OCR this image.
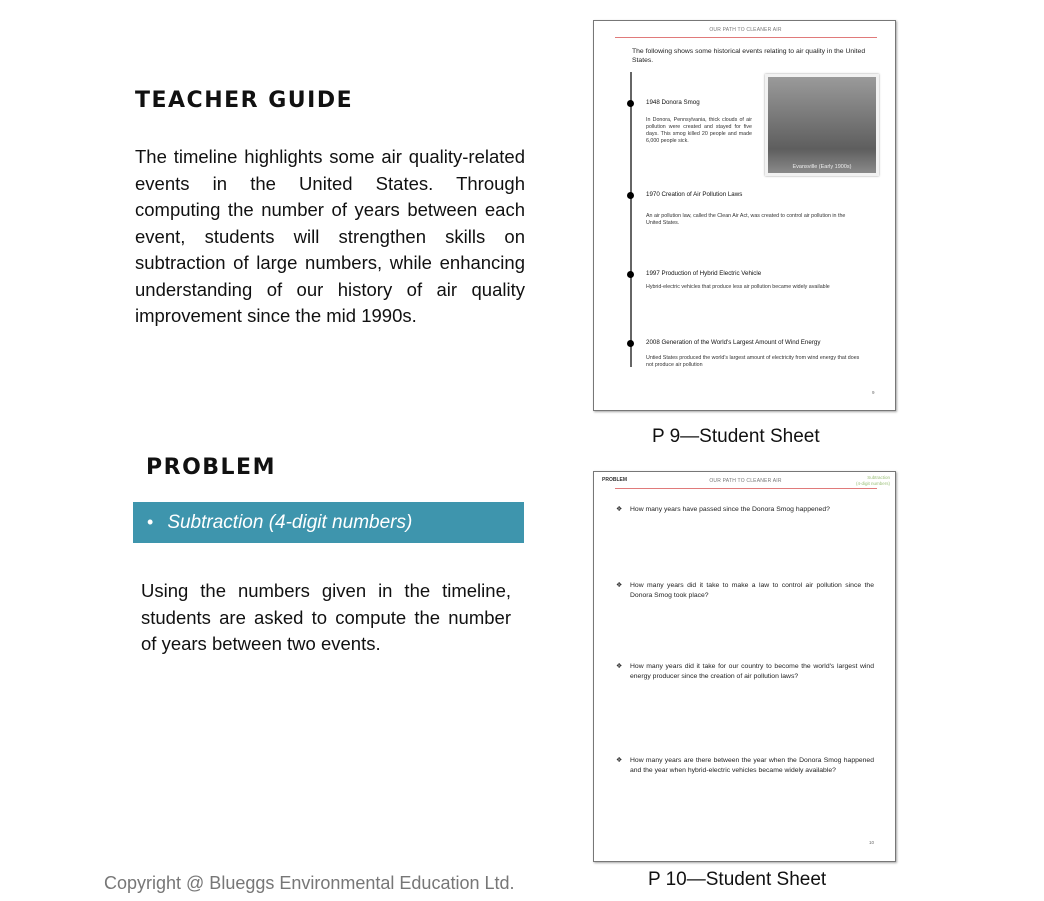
TEACHER GUIDE
The timeline highlights some air quality-related events in the United States. Through computing the number of years between each event, students will strengthen skills on subtraction of large numbers, while enhancing understanding of our history of air quality improvement since the mid 1990s.
PROBLEM
• Subtraction (4-digit numbers)
Using the numbers given in the timeline, students are asked to compute the number of years between two events.
Copyright @ Blueggs Environmental Education Ltd.
OUR PATH TO CLEANER AIR
The following shows some historical events relating to air quality in the United States.
1948 Donora Smog
In Donora, Pennsylvania, thick clouds of air pollution were created and stayed for five days. This smog killed 20 people and made 6,000 people sick.
Evansville (Early 1900s)
1970 Creation of Air Pollution Laws
An air pollution law, called the Clean Air Act, was created to control air pollution in the United States.
1997 Production of Hybrid Electric Vehicle
Hybrid-electric vehicles that produce less air pollution became widely available
2008 Generation of the World's Largest Amount of Wind Energy
Untied States produced the world's largest amount of electricity from wind energy that does not produce air pollution
9
P 9—Student Sheet
PROBLEM	OUR PATH TO CLEANER AIR
Subtraction
(4-digit numbers)
❖ How many years have passed since the Donora Smog happened?
❖ How many years did it take to make a law to control air pollution since the Donora Smog took place?
❖ How many years did it take for our country to become the world's largest wind energy producer since the creation of air pollution laws?
❖ How many years are there between the year when the Donora Smog happened and the year when hybrid-electric vehicles became widely available?
10
P 10—Student Sheet
